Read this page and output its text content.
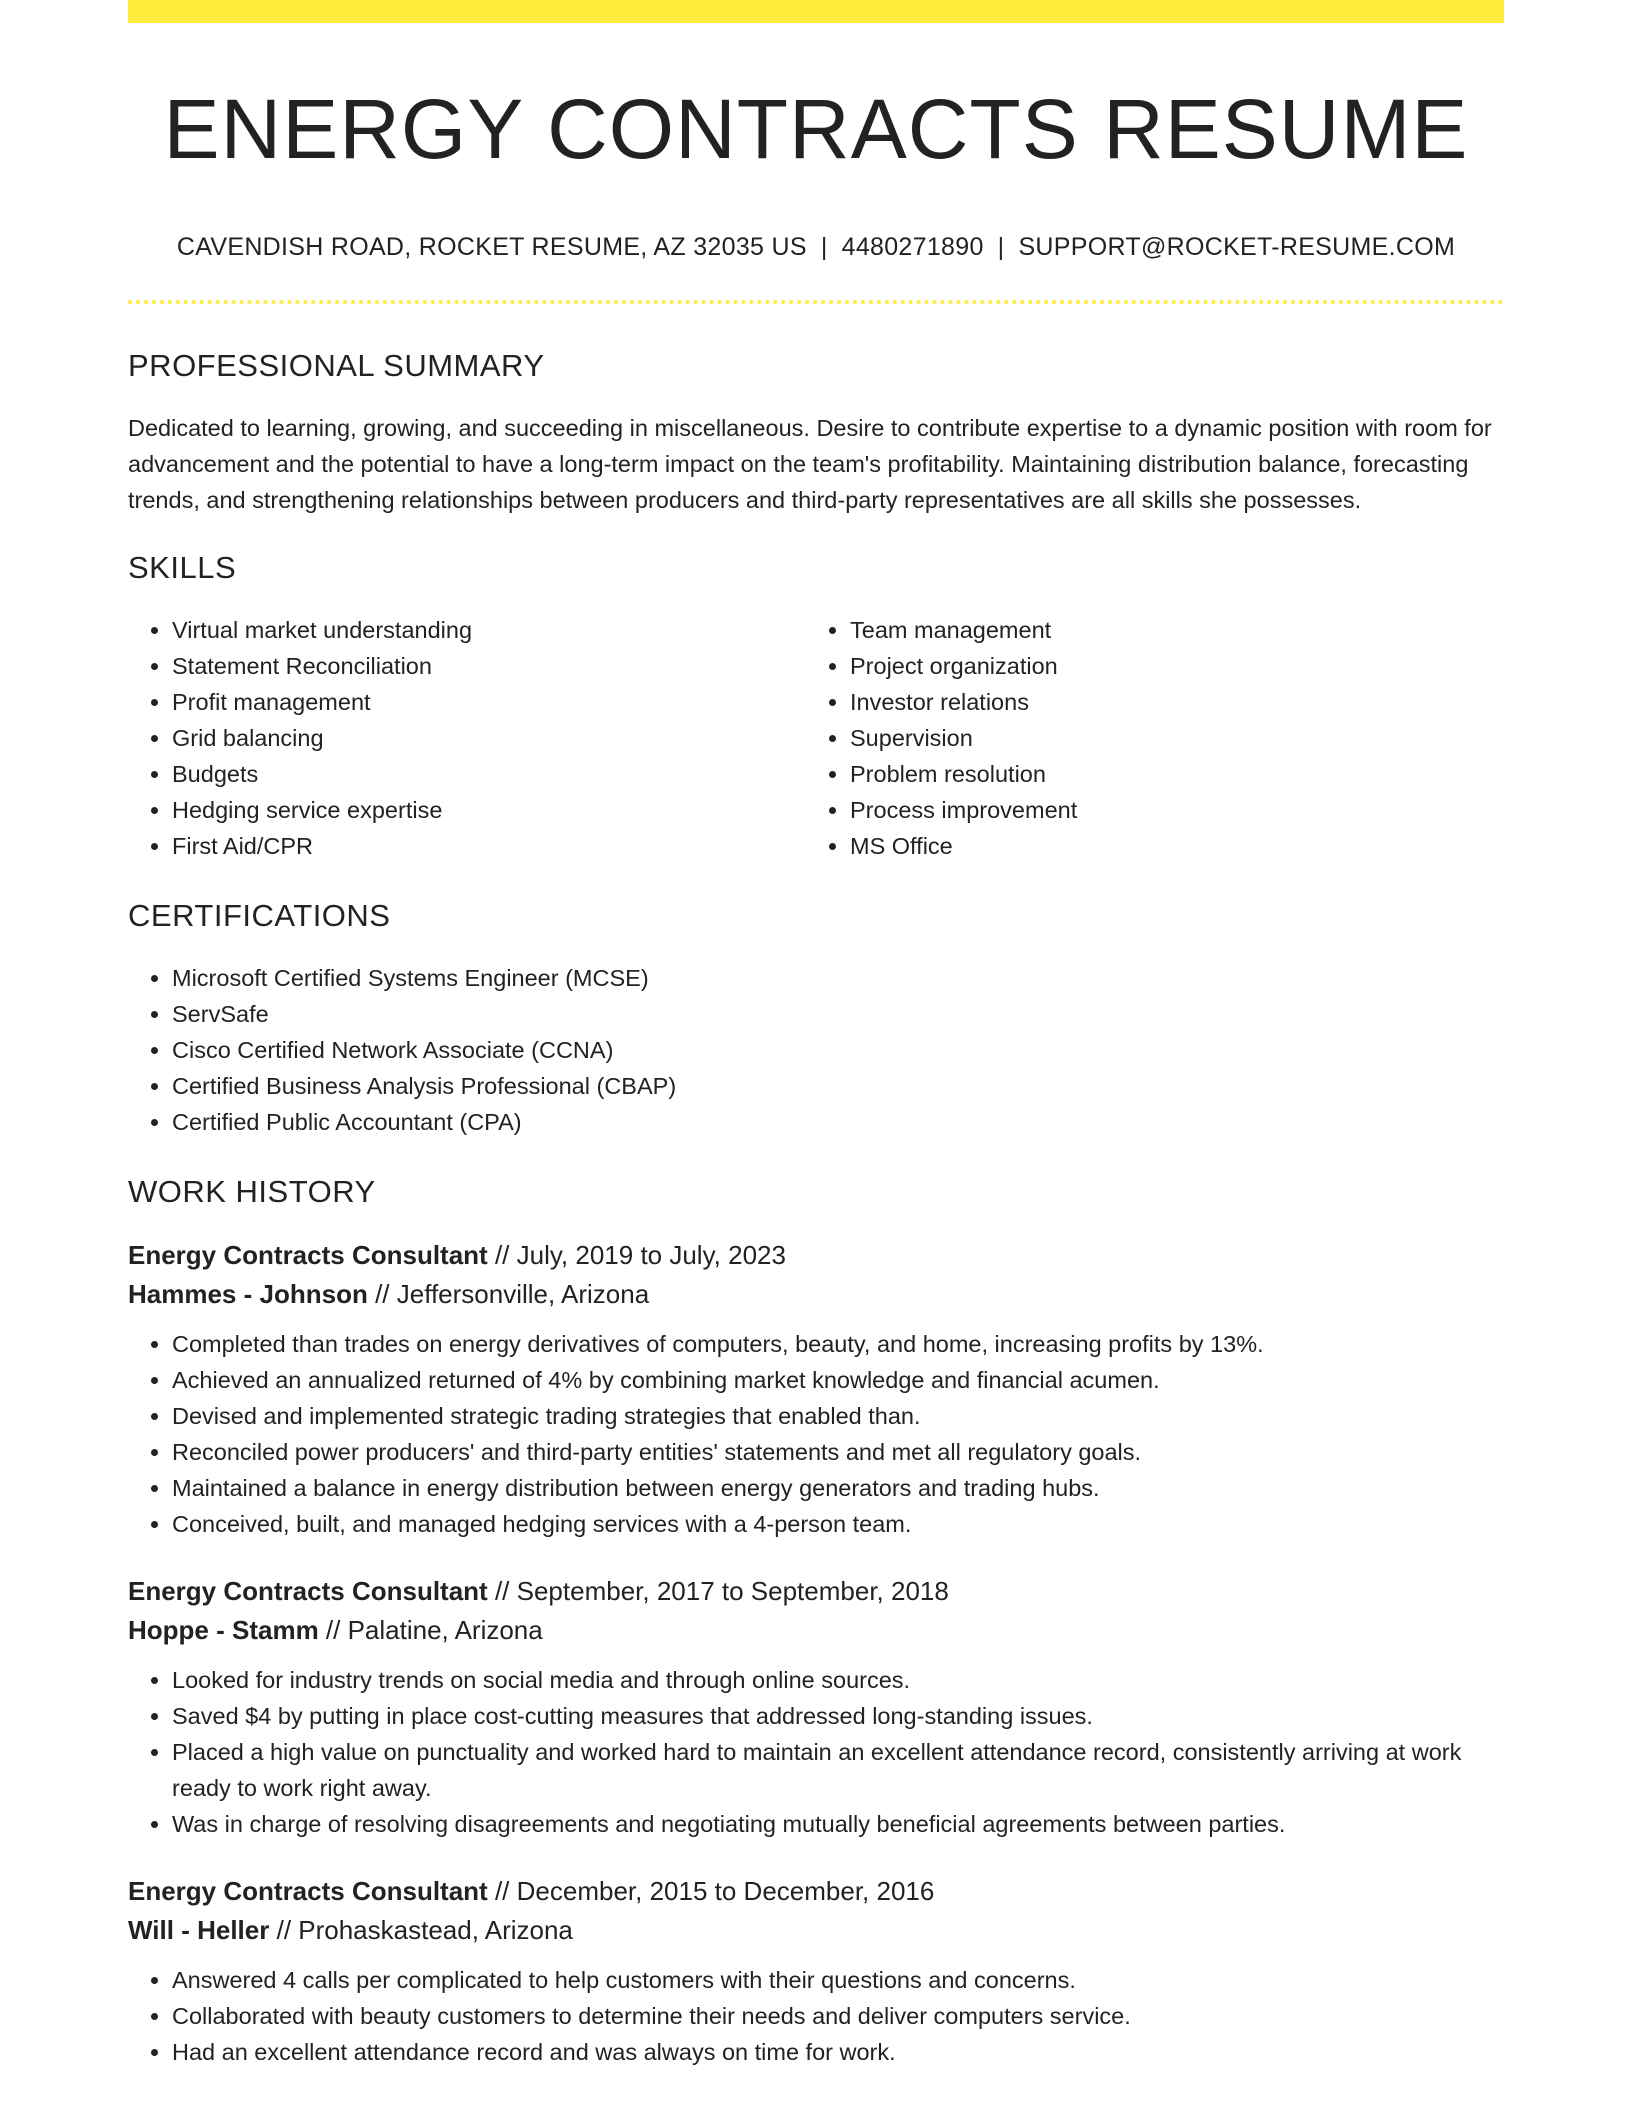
ENERGY CONTRACTS RESUME
CAVENDISH ROAD, ROCKET RESUME, AZ 32035 US | 4480271890 | SUPPORT@ROCKET-RESUME.COM
PROFESSIONAL SUMMARY

Dedicated to learning, growing, and succeeding in miscellaneous. Desire to contribute expertise to a dynamic position with room for advancement and the potential to have a long-term impact on the team's profitability. Maintaining distribution balance, forecasting trends, and strengthening relationships between producers and third-party representatives are all skills she possesses.

SKILLS
• Virtual market understanding
• Statement Reconciliation
• Profit management
• Grid balancing
• Budgets
• Hedging service expertise
• First Aid/CPR
• Team management
• Project organization
• Investor relations
• Supervision
• Problem resolution
• Process improvement
• MS Office
CERTIFICATIONS
• Microsoft Certified Systems Engineer (MCSE)
• ServSafe
• Cisco Certified Network Associate (CCNA)
• Certified Business Analysis Professional (CBAP)
• Certified Public Accountant (CPA)
WORK HISTORY
Energy Contracts Consultant // July, 2019 to July, 2023
Hammes - Johnson // Jeffersonville, Arizona
• Completed than trades on energy derivatives of computers, beauty, and home, increasing profits by 13%.
• Achieved an annualized returned of 4% by combining market knowledge and financial acumen.
• Devised and implemented strategic trading strategies that enabled than.
• Reconciled power producers' and third-party entities' statements and met all regulatory goals.
• Maintained a balance in energy distribution between energy generators and trading hubs.
• Conceived, built, and managed hedging services with a 4-person team.
Energy Contracts Consultant // September, 2017 to September, 2018
Hoppe - Stamm // Palatine, Arizona
• Looked for industry trends on social media and through online sources.
• Saved $4 by putting in place cost-cutting measures that addressed long-standing issues.
• Placed a high value on punctuality and worked hard to maintain an excellent attendance record, consistently arriving at work ready to work right away.
• Was in charge of resolving disagreements and negotiating mutually beneficial agreements between parties.
Energy Contracts Consultant // December, 2015 to December, 2016
Will - Heller // Prohaskastead, Arizona
• Answered 4 calls per complicated to help customers with their questions and concerns.
• Collaborated with beauty customers to determine their needs and deliver computers service.
• Had an excellent attendance record and was always on time for work.
